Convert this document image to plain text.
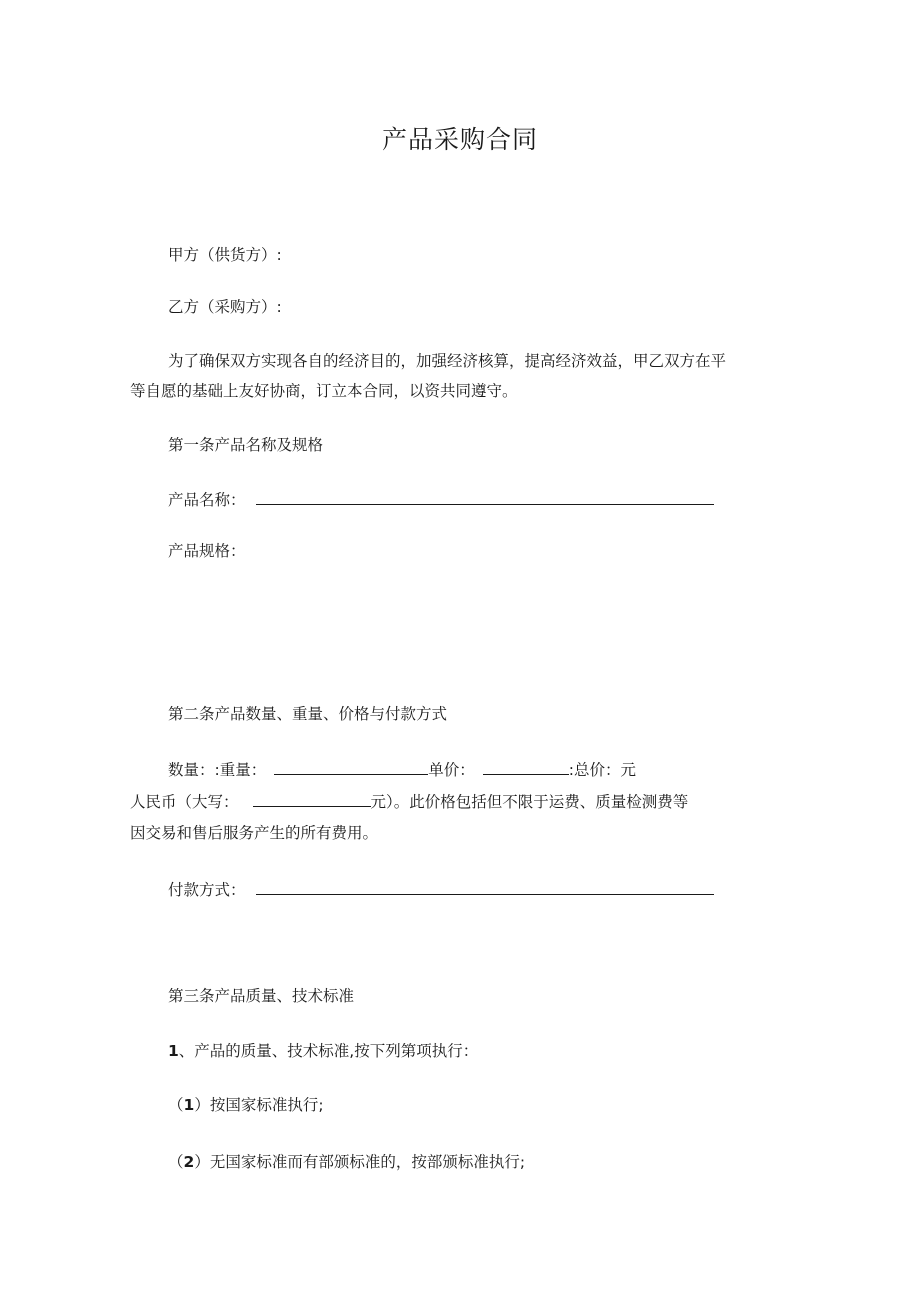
产品采购合同
甲方（供货方）:
乙方（采购方）:
为了确保双方实现各自的经济目的，加强经济核算，提高经济效益，甲乙双方在平
等自愿的基础上友好协商，订立本合同，以资共同遵守。
第一条产品名称及规格
产品名称：
产品规格：
第二条产品数量、重量、价格与付款方式
数量：:重量：	单价：	:总价：元
人民币（大写：	元）。此价格包括但不限于运费、质量检测费等
因交易和售后服务产生的所有费用。
付款方式：
第三条产品质量、技术标准
1、产品的质量、技术标准,按下列第项执行：
（1）按国家标准执行;
（2）无国家标准而有部颁标准的，按部颁标准执行;
